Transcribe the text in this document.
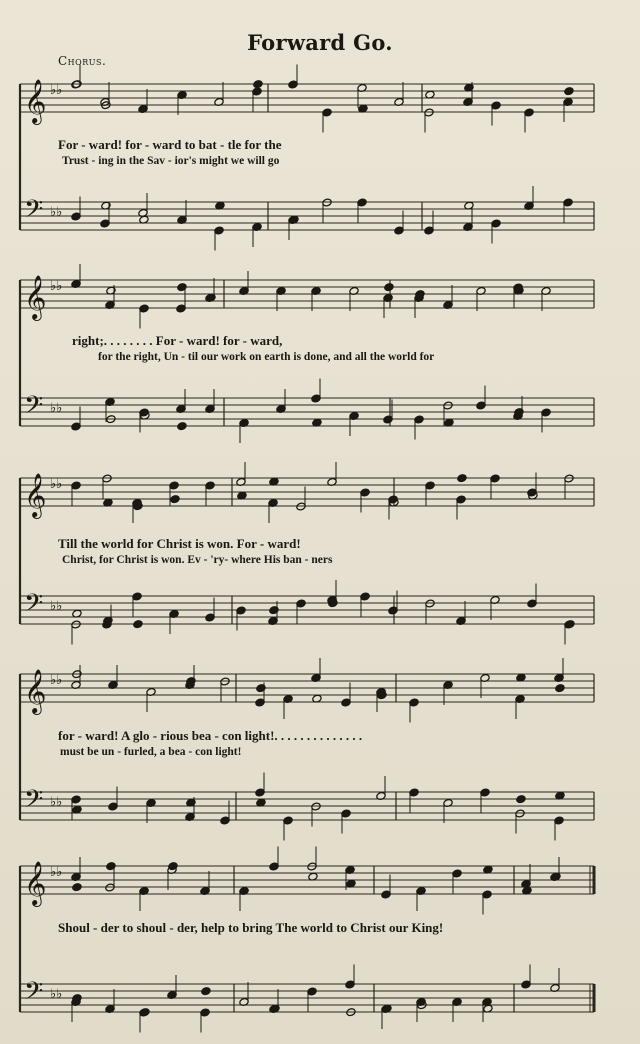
Forward Go.
Chorus.
𝄞
𝄢
♭♭
♭♭
For - ward! for - ward to bat - tle for the
Trust - ing in the Sav - ior's might we will go
𝄞
𝄢
♭♭
♭♭
right;. . . . . . . . For - ward! for - ward,
for the right, Un - til our work on earth is done, and all the world for
𝄞
𝄢
♭♭
♭♭
Till the world for Christ is won. For - ward!
Christ, for Christ is won. Ev - 'ry- where His ban - ners
𝄞
𝄢
♭♭
♭♭
for - ward! A glo - rious bea - con light!. . . . . . . . . . . . . .
must be un - furled, a bea - con light!
𝄞
𝄢
♭♭
♭♭
Shoul - der to shoul - der, help to bring The world to Christ our King!
